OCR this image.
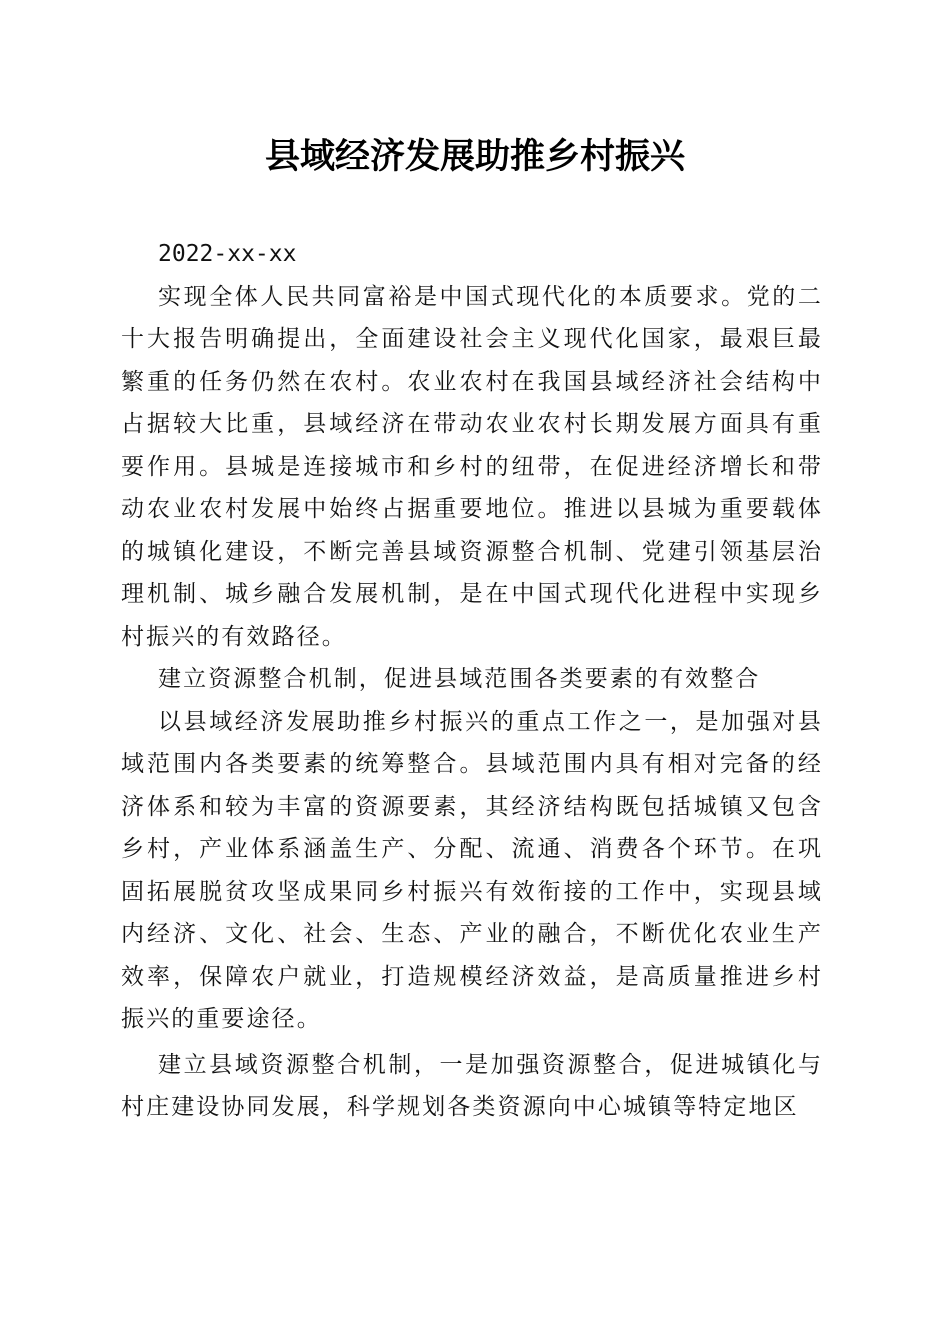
县域经济发展助推乡村振兴

2022-xx-xx

实现全体人民共同富裕是中国式现代化的本质要求。党的二十大报告明确提出，全面建设社会主义现代化国家，最艰巨最繁重的任务仍然在农村。农业农村在我国县域经济社会结构中占据较大比重，县域经济在带动农业农村长期发展方面具有重要作用。县城是连接城市和乡村的纽带，在促进经济增长和带动农业农村发展中始终占据重要地位。推进以县城为重要载体的城镇化建设，不断完善县域资源整合机制、党建引领基层治理机制、城乡融合发展机制，是在中国式现代化进程中实现乡村振兴的有效路径。

建立资源整合机制，促进县域范围各类要素的有效整合

以县域经济发展助推乡村振兴的重点工作之一，是加强对县域范围内各类要素的统筹整合。县域范围内具有相对完备的经济体系和较为丰富的资源要素，其经济结构既包括城镇又包含乡村，产业体系涵盖生产、分配、流通、消费各个环节。在巩固拓展脱贫攻坚成果同乡村振兴有效衔接的工作中，实现县域内经济、文化、社会、生态、产业的融合，不断优化农业生产效率，保障农户就业，打造规模经济效益，是高质量推进乡村振兴的重要途径。

建立县域资源整合机制，一是加强资源整合，促进城镇化与村庄建设协同发展，科学规划各类资源向中心城镇等特定地区
